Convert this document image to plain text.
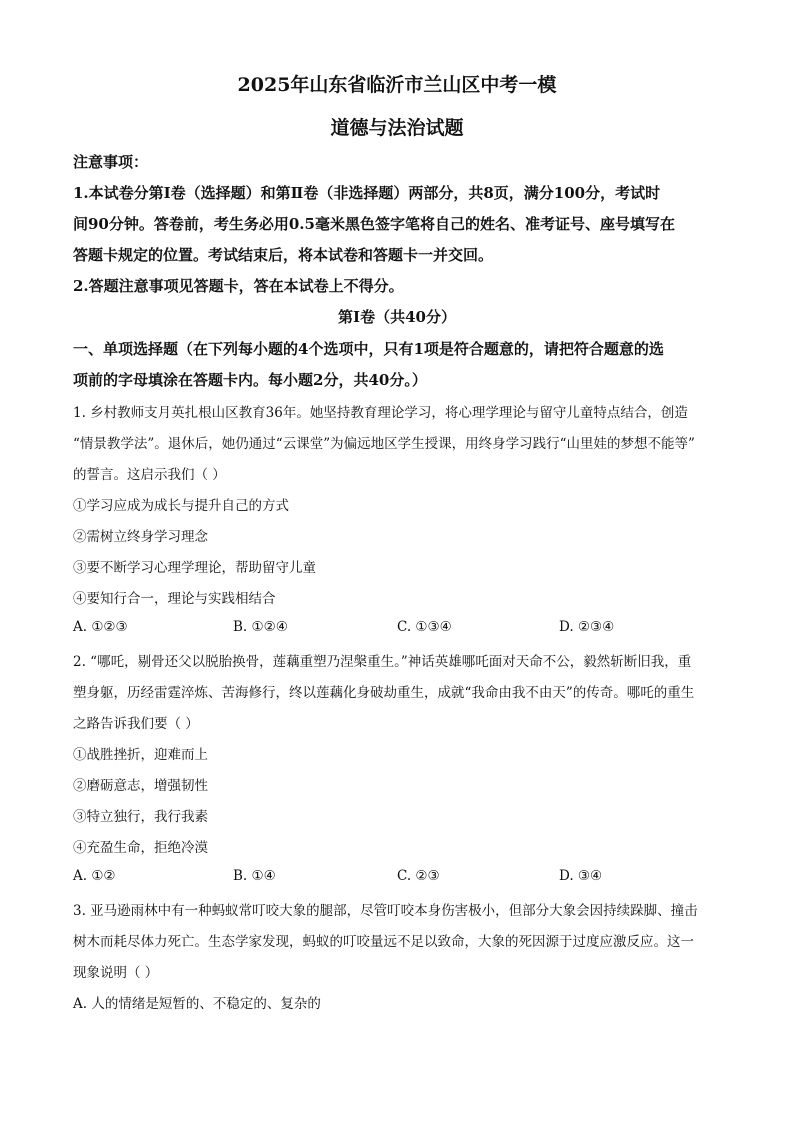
2025年山东省临沂市兰山区中考一模
道德与法治试题
注意事项：
1.本试卷分第Ⅰ卷（选择题）和第Ⅱ卷（非选择题）两部分，共8页，满分100分，考试时
间90分钟。答卷前，考生务必用0.5毫米黑色签字笔将自己的姓名、准考证号、座号填写在
答题卡规定的位置。考试结束后，将本试卷和答题卡一并交回。
2.答题注意事项见答题卡，答在本试卷上不得分。
第Ⅰ卷（共40分）
一、单项选择题（在下列每小题的4个选项中，只有1项是符合题意的，请把符合题意的选
项前的字母填涂在答题卡内。每小题2分，共40分。）
1. 乡村教师支月英扎根山区教育36年。她坚持教育理论学习，将心理学理论与留守儿童特点结合，创造
“情景教学法”。退休后，她仍通过“云课堂”为偏远地区学生授课，用终身学习践行“山里娃的梦想不能等”
的誓言。这启示我们（ ）
①学习应成为成长与提升自己的方式
②需树立终身学习理念
③要不断学习心理学理论，帮助留守儿童
④要知行合一，理论与实践相结合
A. ①②③	B. ①②④	C. ①③④	D. ②③④
2. “哪吒，剔骨还父以脱胎换骨，莲藕重塑乃涅槃重生。”神话英雄哪吒面对天命不公，毅然斩断旧我，重
塑身躯，历经雷霆淬炼、苦海修行，终以莲藕化身破劫重生，成就“我命由我不由天”的传奇。哪吒的重生
之路告诉我们要（ ）
①战胜挫折，迎难而上
②磨砺意志，增强韧性
③特立独行，我行我素
④充盈生命，拒绝冷漠
A. ①②	B. ①④	C. ②③	D. ③④
3. 亚马逊雨林中有一种蚂蚁常叮咬大象的腿部，尽管叮咬本身伤害极小，但部分大象会因持续跺脚、撞击
树木而耗尽体力死亡。生态学家发现，蚂蚁的叮咬量远不足以致命，大象的死因源于过度应激反应。这一
现象说明（ ）
A. 人的情绪是短暂的、不稳定的、复杂的
